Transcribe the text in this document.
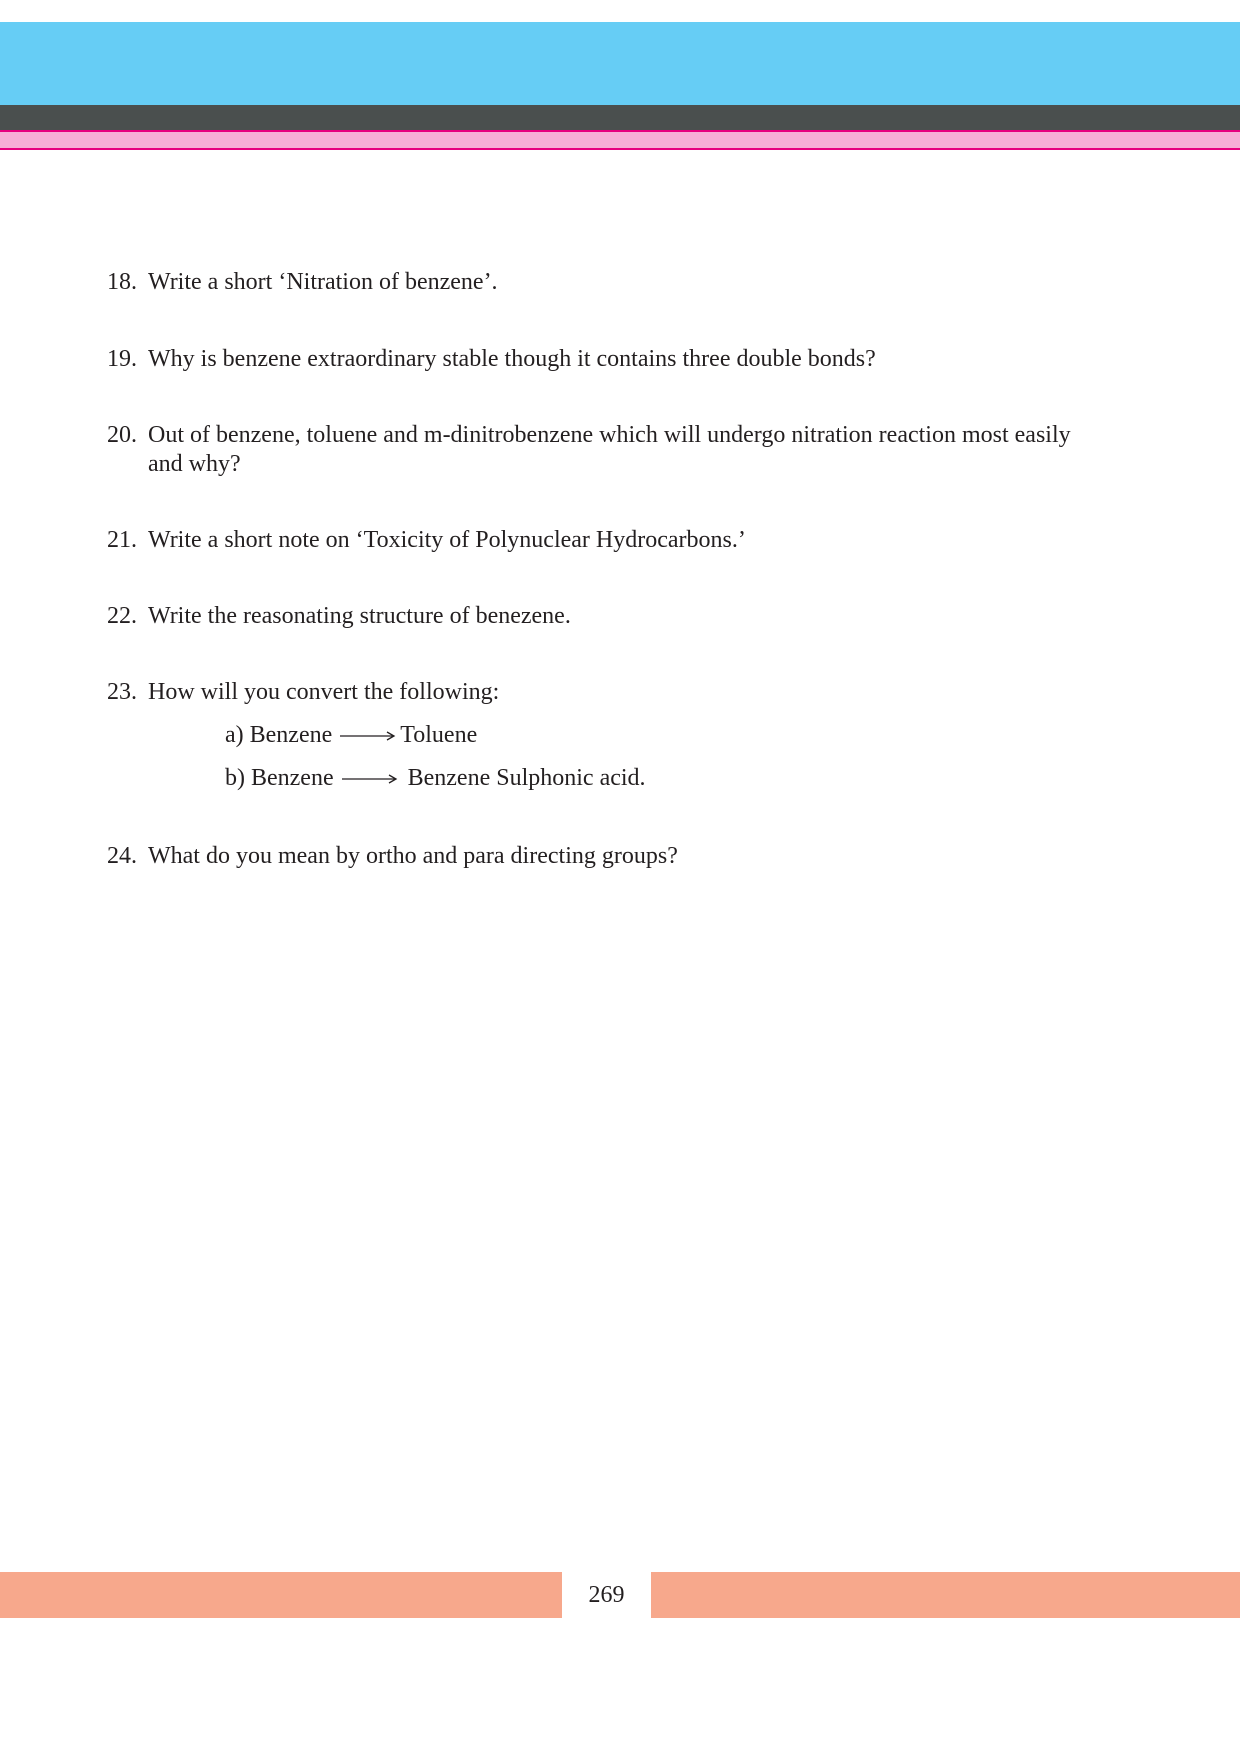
18. Write a short ‘Nitration of benzene’.
19. Why is benzene extraordinary stable though it contains three double bonds?
20. Out of benzene, toluene and m-dinitrobenzene which will undergo nitration reaction most easily and why?
21. Write a short note on ‘Toxicity of Polynuclear Hydrocarbons.’
22. Write the reasonating structure of benezene.
23. How will you convert the following:
a) Benzene	Toluene
b) Benzene	Benzene Sulphonic acid.
24. What do you mean by ortho and para directing groups?
269
